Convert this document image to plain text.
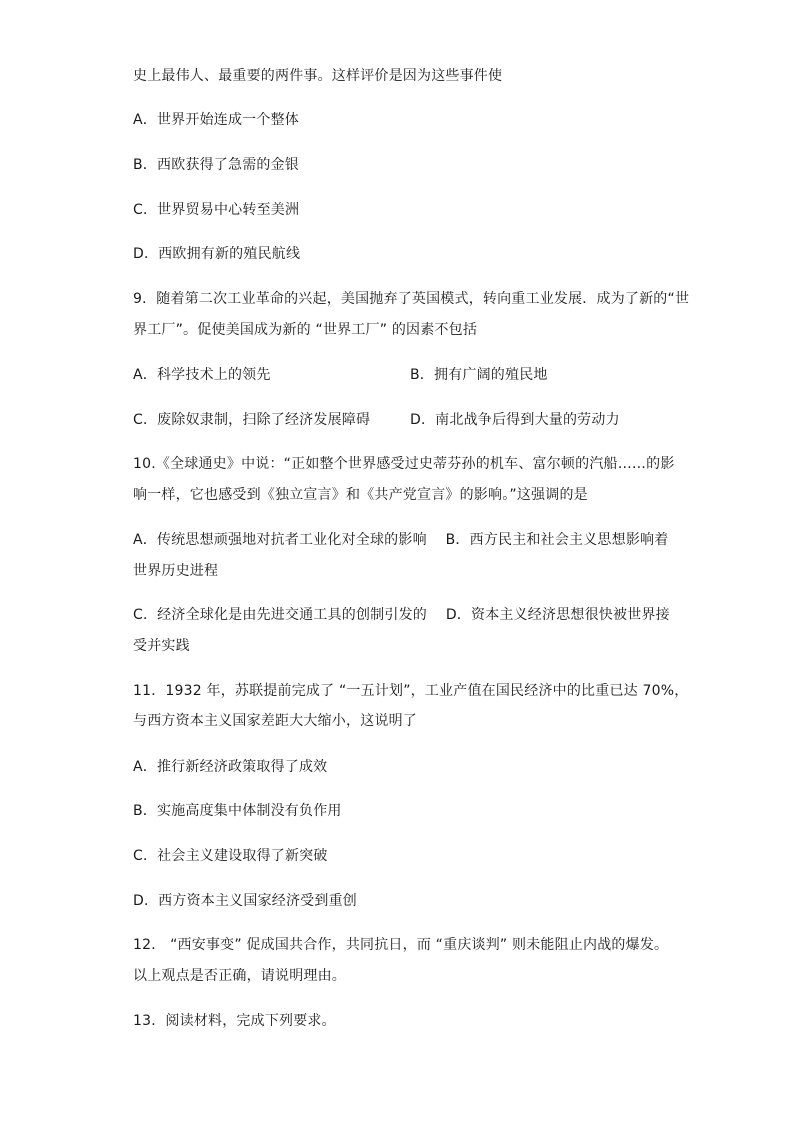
史上最伟人、最重要的两件事。这样评价是因为这些事件使
A．世界开始连成一个整体
B．西欧获得了急需的金银
C．世界贸易中心转至美洲
D．西欧拥有新的殖民航线
9．随着第二次工业革命的兴起，美国抛弃了英国模式，转向重工业发展．成为了新的“世
界工厂”。促使美国成为新的 “世界工厂” 的因素不包括
A．科学技术上的领先	B．拥有广阔的殖民地
C．废除奴隶制，扫除了经济发展障碍	D．南北战争后得到大量的劳动力
10.《全球通史》中说：“正如整个世界感受过史蒂芬孙的机车、富尔顿的汽船……的影
响一样，它也感受到《独立宣言》和《共产党宣言》的影响。”这强调的是
A．传统思想顽强地对抗者工业化对全球的影响　 B．西方民主和社会主义思想影响着
世界历史进程
C．经济全球化是由先进交通工具的创制引发的　 D．资本主义经济思想很快被世界接
受并实践
11．1932 年，苏联提前完成了 “一五计划”，工业产值在国民经济中的比重已达 70%，
与西方资本主义国家差距大大缩小，这说明了
A．推行新经济政策取得了成效
B．实施高度集中体制没有负作用
C．社会主义建设取得了新突破
D．西方资本主义国家经济受到重创
12． “西安事变” 促成国共合作，共同抗日，而 “重庆谈判” 则未能阻止内战的爆发。
以上观点是否正确，请说明理由。
13．阅读材料，完成下列要求。
